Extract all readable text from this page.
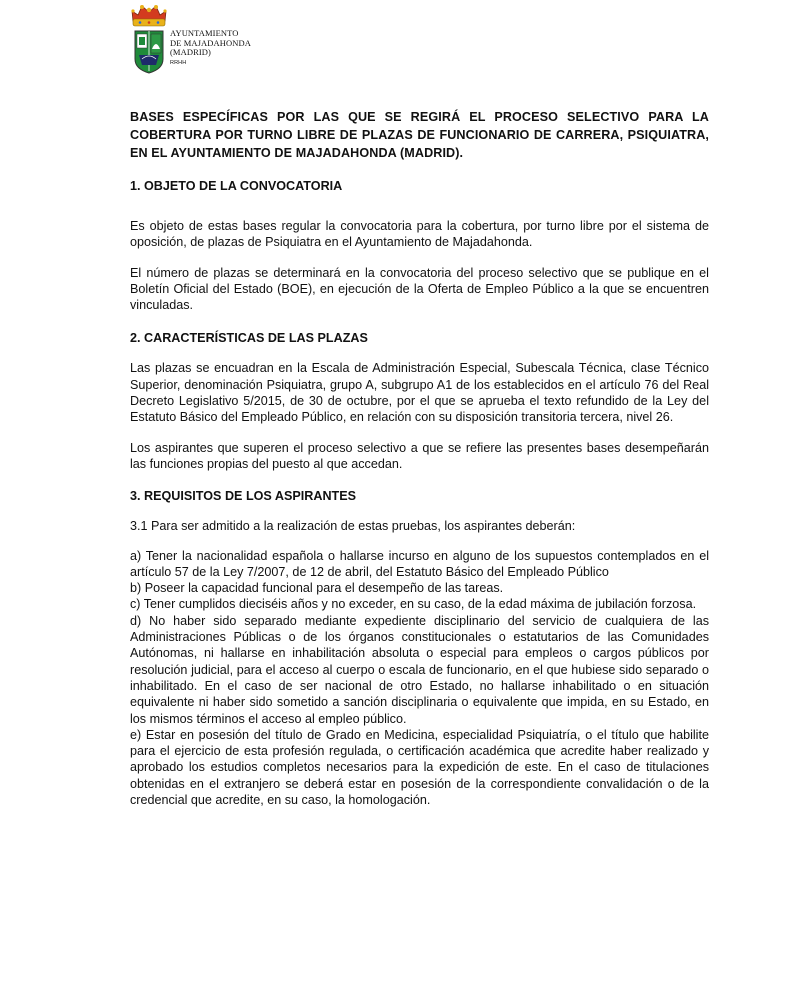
AYUNTAMIENTO
DE MAJADAHONDA
(MADRID)
RRHH

BASES ESPECÍFICAS POR LAS QUE SE REGIRÁ EL PROCESO SELECTIVO PARA LA COBERTURA POR TURNO LIBRE DE PLAZAS DE FUNCIONARIO DE CARRERA, PSIQUIATRA, EN EL AYUNTAMIENTO DE MAJADAHONDA (MADRID).

1. OBJETO DE LA CONVOCATORIA

Es objeto de estas bases regular la convocatoria para la cobertura, por turno libre por el sistema de oposición, de plazas de Psiquiatra en el Ayuntamiento de Majadahonda.

El número de plazas se determinará en la convocatoria del proceso selectivo que se publique en el Boletín Oficial del Estado (BOE), en ejecución de la Oferta de Empleo Público a la que se encuentren vinculadas.

2. CARACTERÍSTICAS DE LAS PLAZAS

Las plazas se encuadran en la Escala de Administración Especial, Subescala Técnica, clase Técnico Superior, denominación Psiquiatra, grupo A, subgrupo A1 de los establecidos en el artículo 76 del Real Decreto Legislativo 5/2015, de 30 de octubre, por el que se aprueba el texto refundido de la Ley del Estatuto Básico del Empleado Público, en relación con su disposición transitoria tercera, nivel 26.

Los aspirantes que superen el proceso selectivo a que se refiere las presentes bases desempeñarán las funciones propias del puesto al que accedan.

3. REQUISITOS DE LOS ASPIRANTES

3.1 Para ser admitido a la realización de estas pruebas, los aspirantes deberán:

a) Tener la nacionalidad española o hallarse incurso en alguno de los supuestos contemplados en el artículo 57 de la Ley 7/2007, de 12 de abril, del Estatuto Básico del Empleado Público

b) Poseer la capacidad funcional para el desempeño de las tareas.

c) Tener cumplidos dieciséis años y no exceder, en su caso, de la edad máxima de jubilación forzosa.

d) No haber sido separado mediante expediente disciplinario del servicio de cualquiera de las Administraciones Públicas o de los órganos constitucionales o estatutarios de las Comunidades Autónomas, ni hallarse en inhabilitación absoluta o especial para empleos o cargos públicos por resolución judicial, para el acceso al cuerpo o escala de funcionario, en el que hubiese sido separado o inhabilitado. En el caso de ser nacional de otro Estado, no hallarse inhabilitado o en situación equivalente ni haber sido sometido a sanción disciplinaria o equivalente que impida, en su Estado, en los mismos términos el acceso al empleo público.

e) Estar en posesión del título de Grado en Medicina, especialidad Psiquiatría, o el título que habilite para el ejercicio de esta profesión regulada, o certificación académica que acredite haber realizado y aprobado los estudios completos necesarios para la expedición de este. En el caso de titulaciones obtenidas en el extranjero se deberá estar en posesión de la correspondiente convalidación o de la credencial que acredite, en su caso, la homologación.
